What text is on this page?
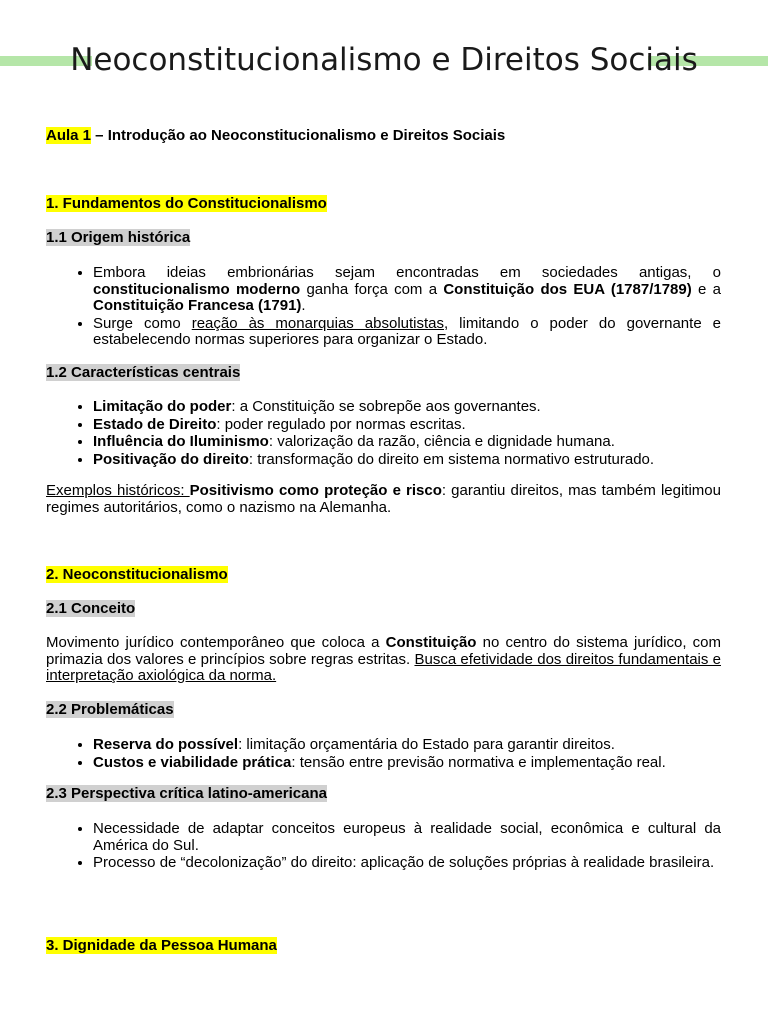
Neoconstitucionalismo e Direitos Sociais
Aula 1 – Introdução ao Neoconstitucionalismo e Direitos Sociais
1. Fundamentos do Constitucionalismo
1.1 Origem histórica
• Embora ideias embrionárias sejam encontradas em sociedades antigas, o constitucionalismo moderno ganha força com a Constituição dos EUA (1787/1789) e a Constituição Francesa (1791).
• Surge como reação às monarquias absolutistas, limitando o poder do governante e estabelecendo normas superiores para organizar o Estado.
1.2 Características centrais
• Limitação do poder: a Constituição se sobrepõe aos governantes.
• Estado de Direito: poder regulado por normas escritas.
• Influência do Iluminismo: valorização da razão, ciência e dignidade humana.
• Positivação do direito: transformação do direito em sistema normativo estruturado.

Exemplos históricos: Positivismo como proteção e risco: garantiu direitos, mas também legitimou regimes autoritários, como o nazismo na Alemanha.

2. Neoconstitucionalismo
2.1 Conceito

Movimento jurídico contemporâneo que coloca a Constituição no centro do sistema jurídico, com primazia dos valores e princípios sobre regras estritas. Busca efetividade dos direitos fundamentais e interpretação axiológica da norma.

2.2 Problemáticas
• Reserva do possível: limitação orçamentária do Estado para garantir direitos.
• Custos e viabilidade prática: tensão entre previsão normativa e implementação real.
2.3 Perspectiva crítica latino-americana
• Necessidade de adaptar conceitos europeus à realidade social, econômica e cultural da América do Sul.
• Processo de “decolonização” do direito: aplicação de soluções próprias à realidade brasileira.
3. Dignidade da Pessoa Humana
